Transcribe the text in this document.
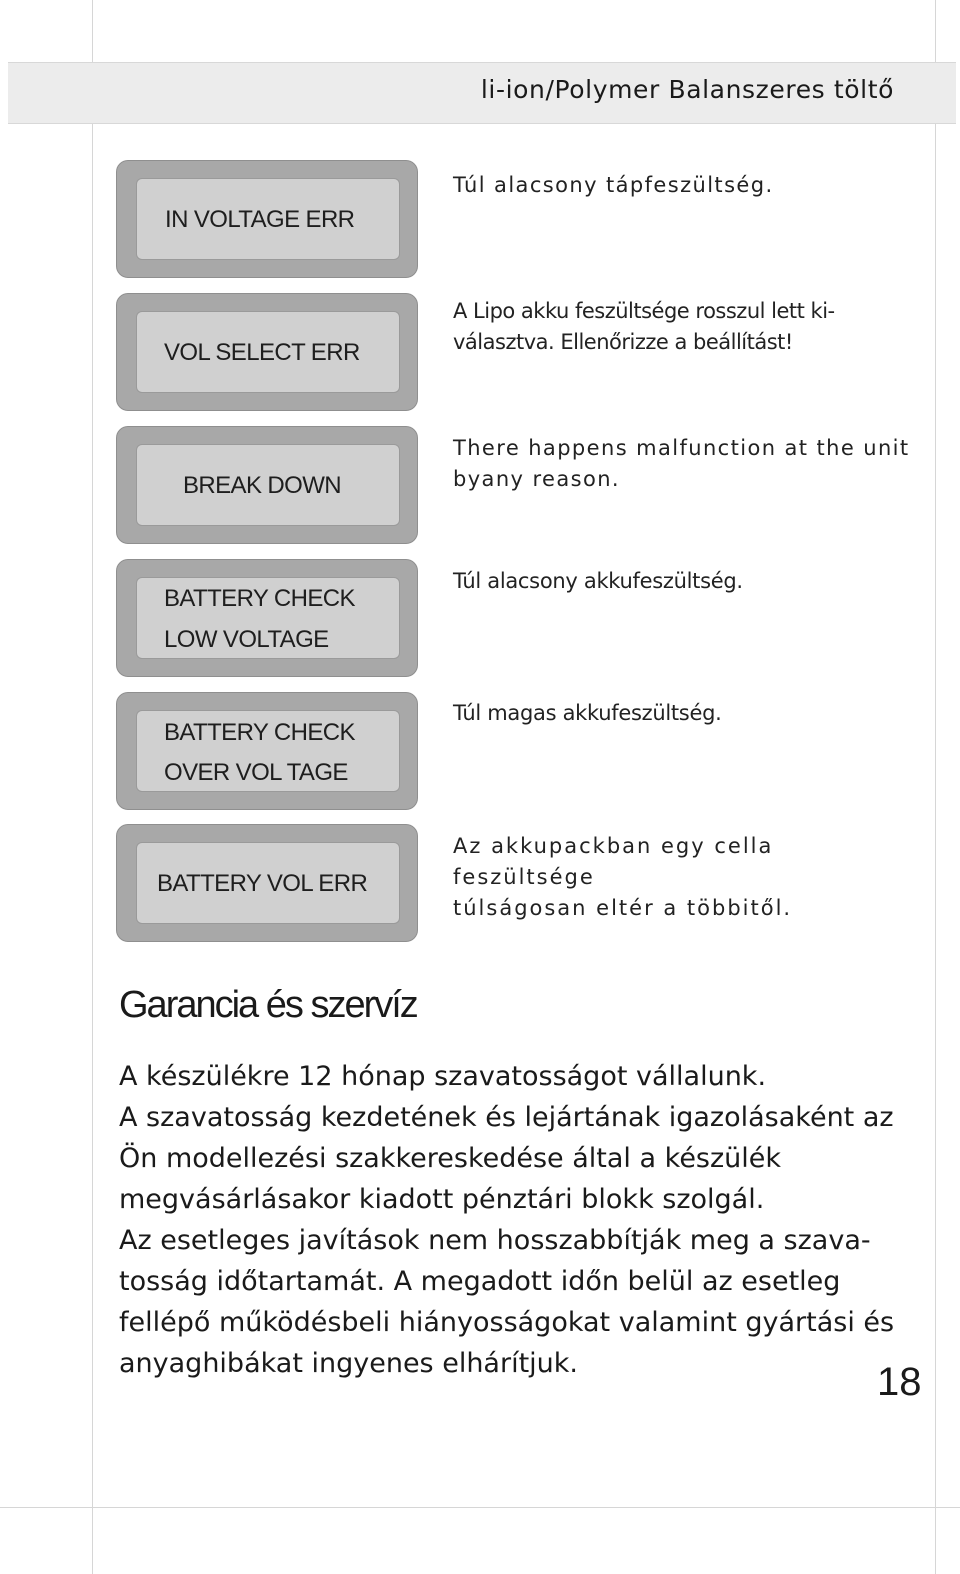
li-ion/Polymer Balanszeres töltő
IN VOLTAGE ERR
Túl alacsony tápfeszültség.
VOL SELECT ERR
A Lipo akku feszültsége rosszul lett ki-
választva. Ellenőrizze a beállítást!
BREAK DOWN
There happens malfunction at the unit
byany reason.
BATTERY CHECK
LOW VOLTAGE
Túl alacsony akkufeszültség.
BATTERY CHECK
OVER VOL TAGE
Túl magas akkufeszültség.
BATTERY VOL ERR
Az akkupackban egy cella feszültsége
túlságosan eltér a többitől.
Garancia és szervíz

A készülékre 12 hónap szavatosságot vállalunk.

A szavatosság kezdetének és lejártának igazolásaként az Ön modellezési szakkereskedése által a készülék megvásárlásakor kiadott pénztári blokk szolgál.

Az esetleges javítások nem hosszabbítják meg a szava-tosság időtartamát. A megadott időn belül az esetleg fellépő működésbeli hiányosságokat valamint gyártási és anyaghibákat ingyenes elhárítjuk.	18
